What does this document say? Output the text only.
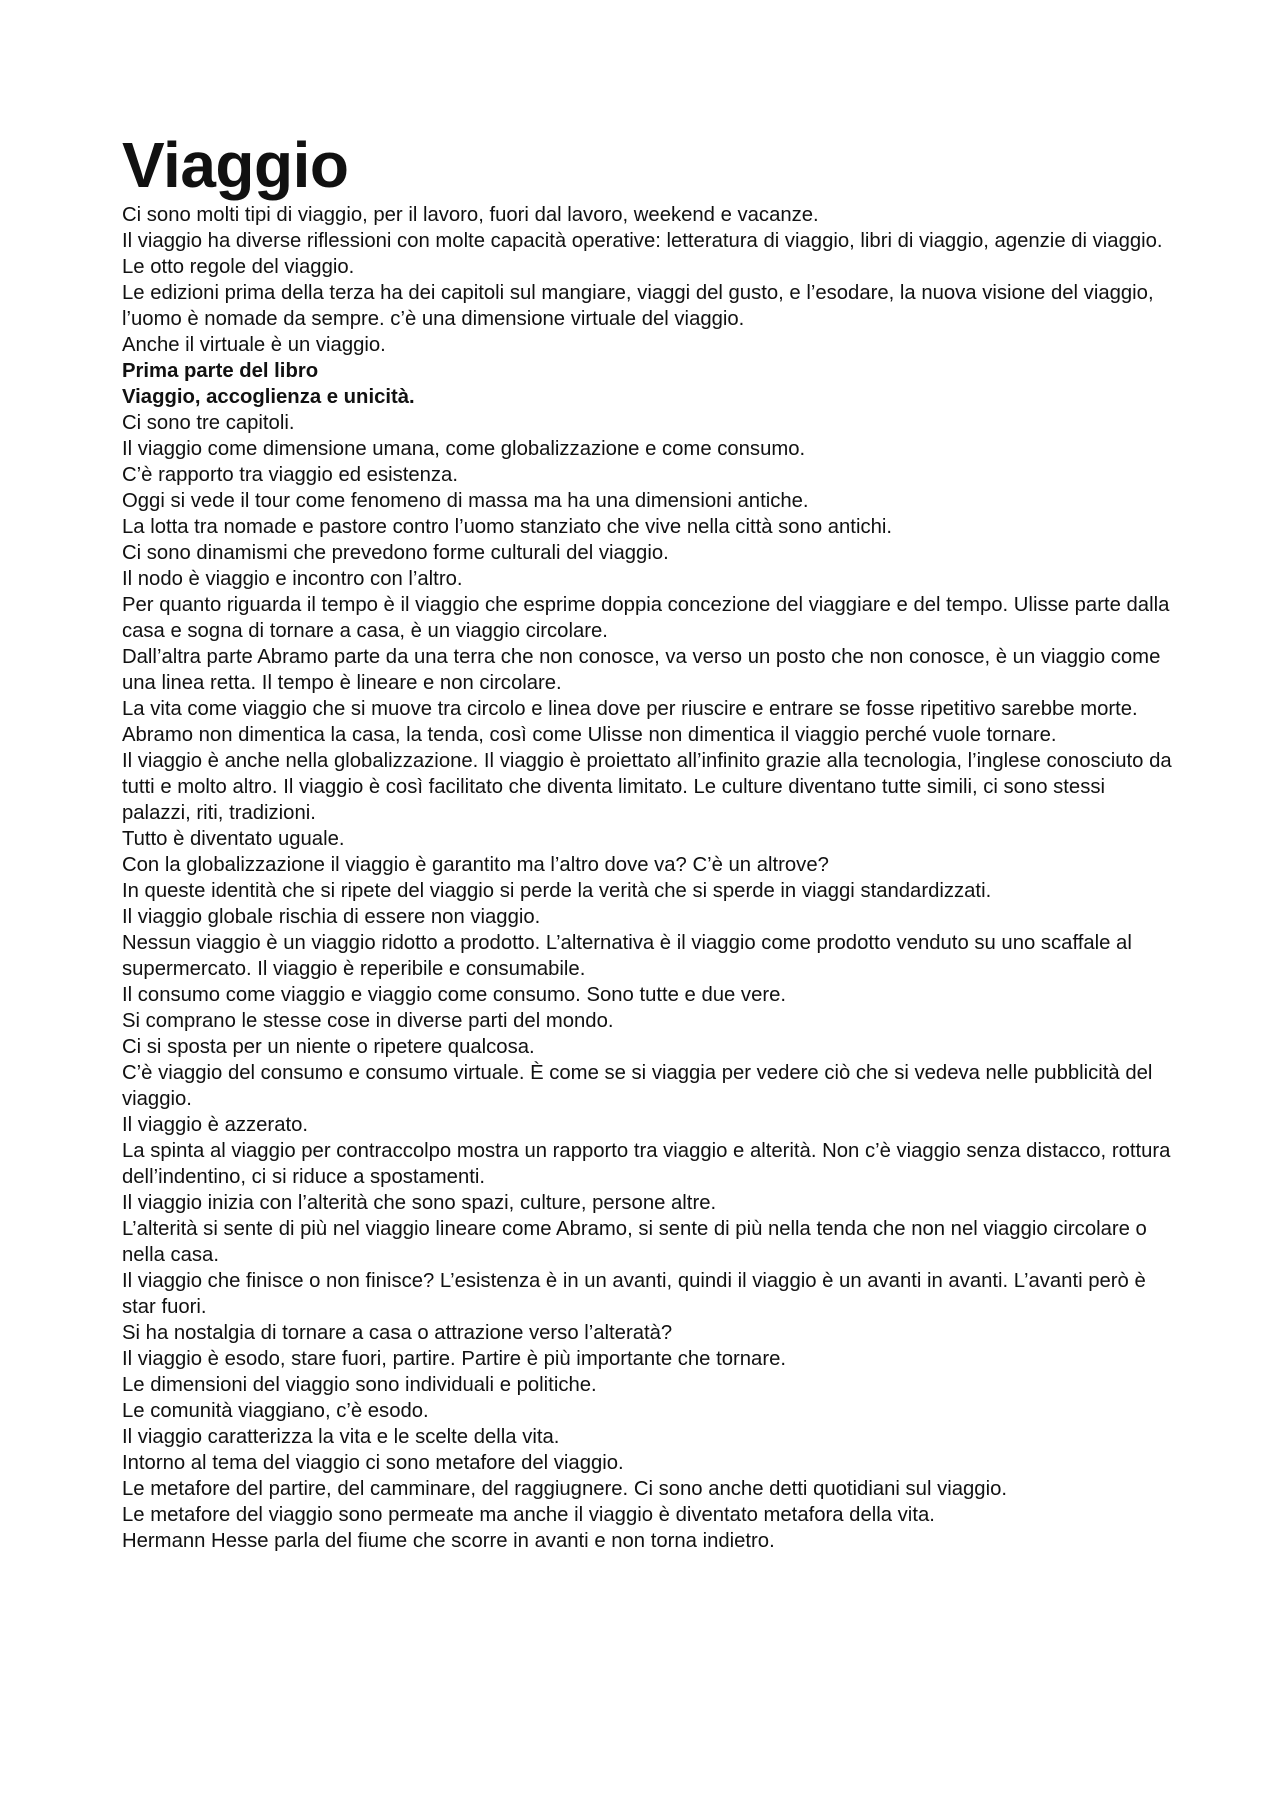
Viaggio

Ci sono molti tipi di viaggio, per il lavoro, fuori dal lavoro, weekend e vacanze.

Il viaggio ha diverse riflessioni con molte capacità operative: letteratura di viaggio, libri di viaggio, agenzie di viaggio.

Le otto regole del viaggio.

Le edizioni prima della terza ha dei capitoli sul mangiare, viaggi del gusto, e l’esodare, la nuova visione del viaggio, l’uomo è nomade da sempre. c’è una dimensione virtuale del viaggio.

Anche il virtuale è un viaggio.

Prima parte del libro

Viaggio, accoglienza e unicità.

Ci sono tre capitoli.

Il viaggio come dimensione umana, come globalizzazione e come consumo.

C’è rapporto tra viaggio ed esistenza.

Oggi si vede il tour come fenomeno di massa ma ha una dimensioni antiche.

La lotta tra nomade e pastore contro l’uomo stanziato che vive nella città sono antichi.

Ci sono dinamismi che prevedono forme culturali del viaggio.

Il nodo è viaggio e incontro con l’altro.

Per quanto riguarda il tempo è il viaggio che esprime doppia concezione del viaggiare e del tempo. Ulisse parte dalla casa e sogna di tornare a casa, è un viaggio circolare.

Dall’altra parte Abramo parte da una terra che non conosce, va verso un posto che non conosce, è un viaggio come una linea retta. Il tempo è lineare e non circolare.

La vita come viaggio che si muove tra circolo e linea dove per riuscire e entrare se fosse ripetitivo sarebbe morte.

Abramo non dimentica la casa, la tenda, così come Ulisse non dimentica il viaggio perché vuole tornare.

Il viaggio è anche nella globalizzazione. Il viaggio è proiettato all’infinito grazie alla tecnologia, l’inglese conosciuto da tutti e molto altro. Il viaggio è così facilitato che diventa limitato. Le culture diventano tutte simili, ci sono stessi palazzi, riti, tradizioni.

Tutto è diventato uguale.

Con la globalizzazione il viaggio è garantito ma l’altro dove va? C’è un altrove?

In queste identità che si ripete del viaggio si perde la verità che si sperde in viaggi standardizzati.

Il viaggio globale rischia di essere non viaggio.

Nessun viaggio è un viaggio ridotto a prodotto. L’alternativa è il viaggio come prodotto venduto su uno scaffale al supermercato. Il viaggio è reperibile e consumabile.

Il consumo come viaggio e viaggio come consumo. Sono tutte e due vere.

Si comprano le stesse cose in diverse parti del mondo.

Ci si sposta per un niente o ripetere qualcosa.

C’è viaggio del consumo e consumo virtuale. È come se si viaggia per vedere ciò che si vedeva nelle pubblicità del viaggio.

Il viaggio è azzerato.

La spinta al viaggio per contraccolpo mostra un rapporto tra viaggio e alterità. Non c’è viaggio senza distacco, rottura dell’indentino, ci si riduce a spostamenti.

Il viaggio inizia con l’alterità che sono spazi, culture, persone altre.

L’alterità si sente di più nel viaggio lineare come Abramo, si sente di più nella tenda che non nel viaggio circolare o nella casa.

Il viaggio che finisce o non finisce? L’esistenza è in un avanti, quindi il viaggio è un avanti in avanti. L’avanti però è star fuori.

Si ha nostalgia di tornare a casa o attrazione verso l’alteratà?

Il viaggio è esodo, stare fuori, partire. Partire è più importante che tornare.

Le dimensioni del viaggio sono individuali e politiche.

Le comunità viaggiano, c’è esodo.

Il viaggio caratterizza la vita e le scelte della vita.

Intorno al tema del viaggio ci sono metafore del viaggio.

Le metafore del partire, del camminare, del raggiugnere. Ci sono anche detti quotidiani sul viaggio.

Le metafore del viaggio sono permeate ma anche il viaggio è diventato metafora della vita.

Hermann Hesse parla del fiume che scorre in avanti e non torna indietro.
